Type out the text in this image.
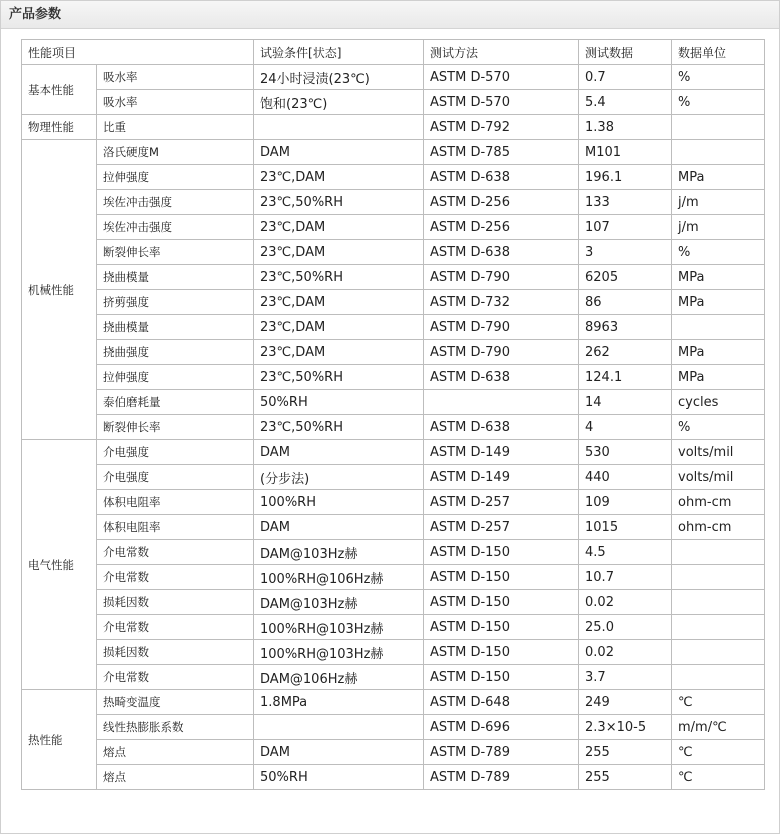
产品参数
性能项目		试验条件[状态]	测试方法	测试数据	数据单位
基本性能	吸水率	24小时浸渍(23℃)	ASTM D-570	0.7	%
	吸水率	饱和(23℃)	ASTM D-570	5.4	%
物理性能	比重		ASTM D-792	1.38	
机械性能	洛氏硬度M	DAM	ASTM D-785	M101	
	拉伸强度	23℃,DAM	ASTM D-638	196.1	MPa
	埃佐冲击强度	23℃,50%RH	ASTM D-256	133	j/m
	埃佐冲击强度	23℃,DAM	ASTM D-256	107	j/m
	断裂伸长率	23℃,DAM	ASTM D-638	3	%
	挠曲模量	23℃,50%RH	ASTM D-790	6205	MPa
	挤剪强度	23℃,DAM	ASTM D-732	86	MPa
	挠曲模量	23℃,DAM	ASTM D-790	8963	
	挠曲强度	23℃,DAM	ASTM D-790	262	MPa
	拉伸强度	23℃,50%RH	ASTM D-638	124.1	MPa
	泰伯磨耗量	50%RH		14	cycles
	断裂伸长率	23℃,50%RH	ASTM D-638	4	%
电气性能	介电强度	DAM	ASTM D-149	530	volts/mil
	介电强度	(分步法)	ASTM D-149	440	volts/mil
	体积电阻率	100%RH	ASTM D-257	109	ohm-cm
	体积电阻率	DAM	ASTM D-257	1015	ohm-cm
	介电常数	DAM@103Hz赫	ASTM D-150	4.5	
	介电常数	100%RH@106Hz赫	ASTM D-150	10.7	
	损耗因数	DAM@103Hz赫	ASTM D-150	0.02	
	介电常数	100%RH@103Hz赫	ASTM D-150	25.0	
	损耗因数	100%RH@103Hz赫	ASTM D-150	0.02	
	介电常数	DAM@106Hz赫	ASTM D-150	3.7	
热性能	热畸变温度	1.8MPa	ASTM D-648	249	℃
	线性热膨胀系数		ASTM D-696	2.3×10-5	m/m/℃
	熔点	DAM	ASTM D-789	255	℃
	熔点	50%RH	ASTM D-789	255	℃
